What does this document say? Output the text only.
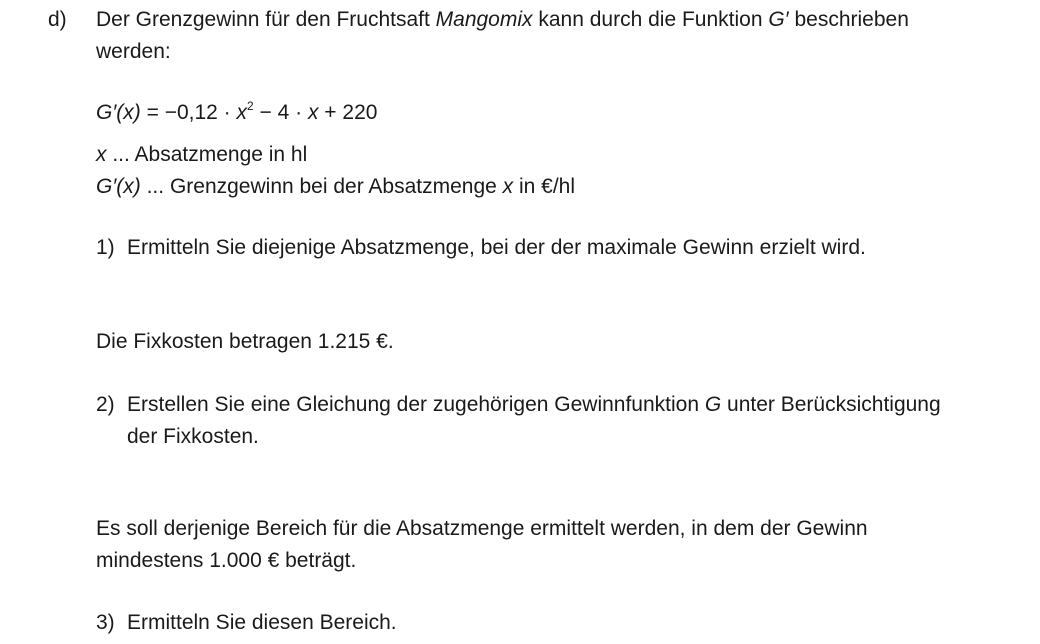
d) Der Grenzgewinn für den Fruchtsaft Mangomix kann durch die Funktion G′ beschrieben
werden:
$G'(x) = -0,12 \cdot x^2 - 4 \cdot x + 220$
x ... Absatzmenge in hl
G′(x) ... Grenzgewinn bei der Absatzmenge x in €/hl
1) Ermitteln Sie diejenige Absatzmenge, bei der der maximale Gewinn erzielt wird.
Die Fixkosten betragen 1.215 €.
2) Erstellen Sie eine Gleichung der zugehörigen Gewinnfunktion G unter Berücksichtigung
der Fixkosten.
Es soll derjenige Bereich für die Absatzmenge ermittelt werden, in dem der Gewinn
mindestens 1.000 € beträgt.
3) Ermitteln Sie diesen Bereich.
